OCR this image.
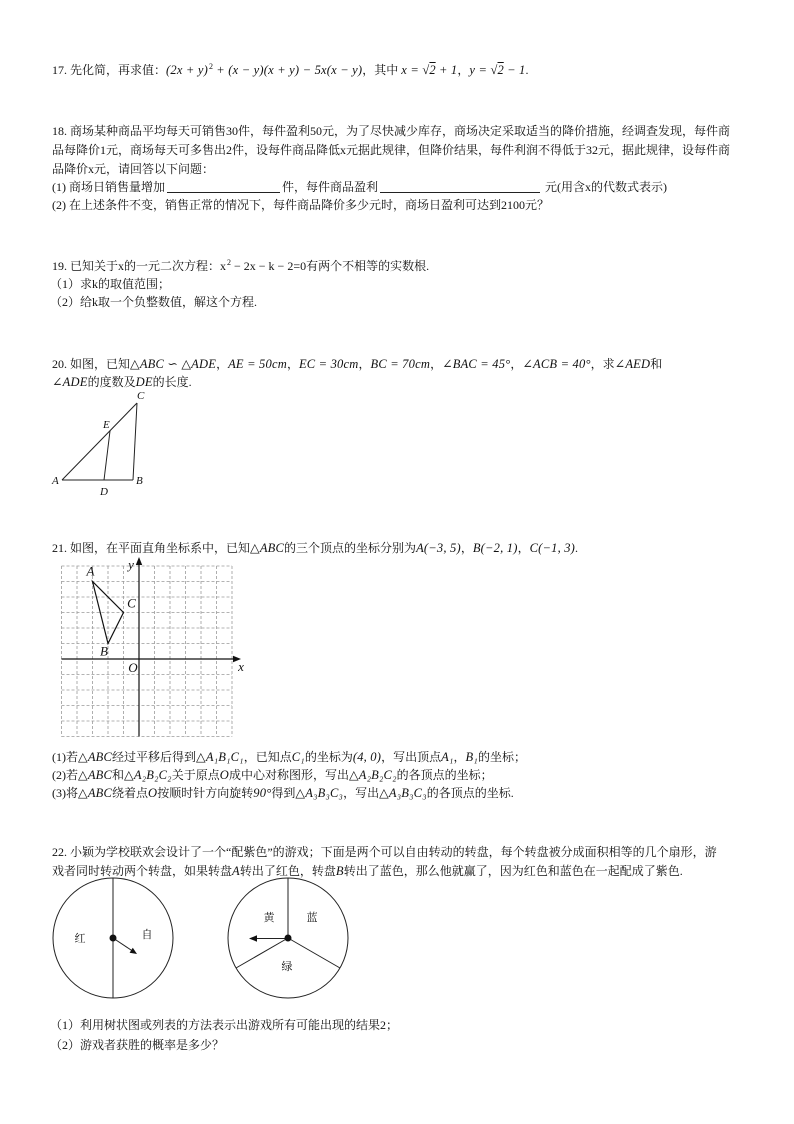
17. 先化简，再求值：$(2x + y)^2 + (x - y)(x + y) - 5x(x - y)$，其中 x = √2 + 1，y = √2 − 1.
18. 商场某种商品平均每天可销售30件，每件盈利50元，为了尽快减少库存，商场决定采取适当的降价措施，经调查发现，每件商
品每降价1元，商场每天可多售出2件，设每件商品降低x元据此规律，但降价结果，每件利润不得低于32元，据此规律，设每件商
品降价x元，请回答以下问题：
(1) 商场日销售量增加	件，每件商品盈利	元(用含x的代数式表示)
(2) 在上述条件不变，销售正常的情况下，每件商品降价多少元时，商场日盈利可达到2100元？
19. 已知关于x的一元二次方程：$x^2 - 2x - k - 2=0$有两个不相等的实数根.
（1）求k的取值范围；
（2）给k取一个负整数值，解这个方程.
20. 如图，已知△ABC ∽ △ADE，AE = 50cm，EC = 30cm，BC = 70cm，∠BAC = 45°，∠ACB = 40°，求∠AED和
∠ADE的度数及DE的长度.
A	B
C
D
E
21. 如图，在平面直角坐标系中，已知△ABC的三个顶点的坐标分别为A(−3, 5)，B(−2, 1)，C(−1, 3).
x
y
O
A
B
C
(1)若△ABC经过平移后得到△A₁B₁C₁，已知点C₁的坐标为(4, 0)，写出顶点A₁，B₁的坐标；
(2)若△ABC和△A₂B₂C₂关于原点O成中心对称图形，写出△A₂B₂C₂的各顶点的坐标；
(3)将△ABC绕着点O按顺时针方向旋转90°得到△A₃B₃C₃，写出△A₃B₃C₃的各顶点的坐标.
22. 小颖为学校联欢会设计了一个“配紫色”的游戏；下面是两个可以自由转动的转盘，每个转盘被分成面积相等的几个扇形，游
戏者同时转动两个转盘，如果转盘A转出了红色，转盘B转出了蓝色，那么他就赢了，因为红色和蓝色在一起配成了紫色.
红	自
黄	蓝
绿
（1）利用树状图或列表的方法表示出游戏所有可能出现的结果2；
（2）游戏者获胜的概率是多少？
